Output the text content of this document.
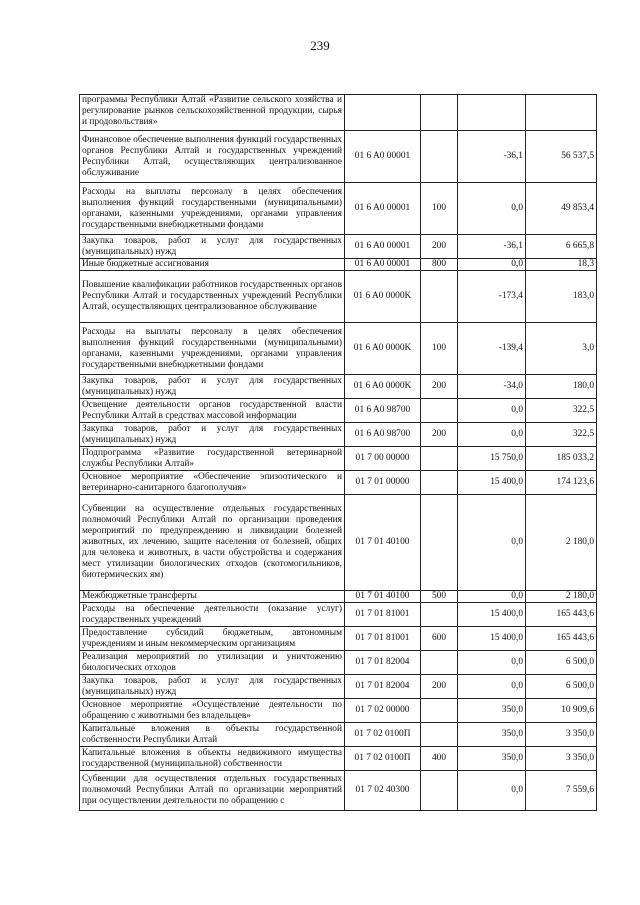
239
программы Республики Алтай «Развитие сельского хозяйства и регулирование рынков сельскохозяйственной продукции, сырья и продовольствия»				
Финансовое обеспечение выполнения функций государственных органов Республики Алтай и государственных учреждений Республики Алтай, осуществляющих централизованное обслуживание	01 6 A0 00001		-36,1	56 537,5
Расходы на выплаты персоналу в целях обеспечения выполнения функций государственными (муниципальными) органами, казенными учреждениями, органами управления государственными внебюджетными фондами	01 6 A0 00001	100	0,0	49 853,4
Закупка товаров, работ и услуг для государственных (муниципальных) нужд	01 6 A0 00001	200	-36,1	6 665,8
Иные бюджетные ассигнования	01 6 A0 00001	800	0,0	18,3
Повышение квалификации работников государственных органов Республики Алтай и государственных учреждений Республики Алтай, осуществляющих централизованное обслуживание	01 6 A0 0000K		-173,4	183,0
Расходы на выплаты персоналу в целях обеспечения выполнения функций государственными (муниципальными) органами, казенными учреждениями, органами управления государственными внебюджетными фондами	01 6 A0 0000K	100	-139,4	3,0
Закупка товаров, работ и услуг для государственных (муниципальных) нужд	01 6 A0 0000K	200	-34,0	180,0
Освещение деятельности органов государственной власти Республики Алтай в средствах массовой информации	01 6 A0 98700		0,0	322,5
Закупка товаров, работ и услуг для государственных (муниципальных) нужд	01 6 A0 98700	200	0,0	322,5
Подпрограмма «Развитие государственной ветеринарной службы Республики Алтай»	01 7 00 00000		15 750,0	185 033,2
Основное мероприятие «Обеспечение эпизоотического и ветеринарно-санитарного благополучия»	01 7 01 00000		15 400,0	174 123,6
Субвенции на осуществление отдельных государственных полномочий Республики Алтай по организации проведения мероприятий по предупреждению и ликвидации болезней животных, их лечению, защите населения от болезней, общих для человека и животных, в части обустройства и содержания мест утилизации биологических отходов (скотомогильников, биотермических ям)	01 7 01 40100		0,0	2 180,0
Межбюджетные трансферты	01 7 01 40100	500	0,0	2 180,0
Расходы на обеспечение деятельности (оказание услуг) государственных учреждений	01 7 01 81001		15 400,0	165 443,6
Предоставление субсидий бюджетным, автономным учреждениям и иным некоммерческим организациям	01 7 01 81001	600	15 400,0	165 443,6
Реализация мероприятий по утилизации и уничтожению биологических отходов	01 7 01 82004		0,0	6 500,0
Закупка товаров, работ и услуг для государственных (муниципальных) нужд	01 7 01 82004	200	0,0	6 500,0
Основное мероприятие «Осуществление деятельности по обращению с животными без владельцев»	01 7 02 00000		350,0	10 909,6
Капитальные вложения в объекты государственной собственности Республики Алтай	01 7 02 0100П		350,0	3 350,0
Капитальные вложения в объекты недвижимого имущества государственной (муниципальной) собственности	01 7 02 0100П	400	350,0	3 350,0
Субвенции для осуществления отдельных государственных полномочий Республики Алтай по организации мероприятий при осуществлении деятельности по обращению с	01 7 02 40300		0,0	7 559,6
